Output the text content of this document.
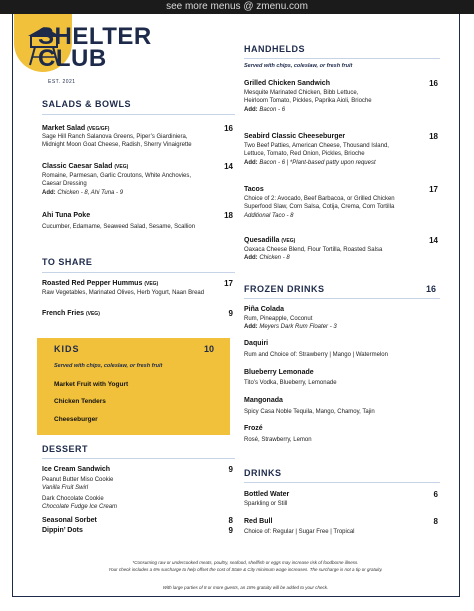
see more menus @ zmenu.com
SHELTER
CLUB
EST. 2021
SALADS & BOWLS
Market Salad (VEG/GF)	16
Sage Hill Ranch Salanova Greens, Piper’s Giardiniera,
Midnight Moon Goat Cheese, Radish, Sherry Vinaigrette
Classic Caesar Salad (VEG)	14
Romaine, Parmesan, Garlic Croutons, White Anchovies,
Caesar Dressing
Add: Chicken - 8, Ahi Tuna - 9
Ahi Tuna Poke	18
Cucumber, Edamame, Seaweed Salad, Sesame, Scallion
TO SHARE
Roasted Red Pepper Hummus (VEG)	17
Raw Vegetables, Marinated Olives, Herb Yogurt, Naan Bread
French Fries (VEG)	9
KIDS	10
Served with chips, coleslaw, or fresh fruit
Market Fruit with Yogurt
Chicken Tenders
Cheeseburger
DESSERT
Ice Cream Sandwich	9
Peanut Butter Miso Cookie
Vanilla Fruit Swirl
Dark Chocolate Cookie
Chocolate Fudge Ice Cream
Seasonal Sorbet	8
Dippin’ Dots	9
HANDHELDS
Served with chips, coleslaw, or fresh fruit
Grilled Chicken Sandwich	16
Mesquite Marinated Chicken, Bibb Lettuce,
Heirloom Tomato, Pickles, Paprika Aioli, Brioche
Add: Bacon - 6
Seabird Classic Cheeseburger	18
Two Beef Patties, American Cheese, Thousand Island,
Lettuce, Tomato, Red Onion, Pickles, Brioche
Add: Bacon - 6 | *Plant-based patty upon request
Tacos	17
Choice of 2: Avocado, Beef Barbacoa, or Grilled Chicken
Superfood Slaw, Corn Salsa, Cotija, Crema, Corn Tortilla
Additional Taco - 8
Quesadilla (VEG)	14
Oaxaca Cheese Blend, Flour Tortilla, Roasted Salsa
Add: Chicken - 8
FROZEN DRINKS	16
Piña Colada
Rum, Pineapple, Coconut
Add: Meyers Dark Rum Floater - 3
Daquiri
Rum and Choice of: Strawberry | Mango | Watermelon
Blueberry Lemonade
Tito’s Vodka, Blueberry, Lemonade
Mangonada
Spicy Casa Noble Tequila, Mango, Chamoy, Tajin
Frozé
Rosé, Strawberry, Lemon
DRINKS
Bottled Water	6
Sparkling or Still
Red Bull	8
Choice of: Regular | Sugar Free | Tropical
*Consuming raw or undercooked meats, poultry, seafood, shellfish or eggs may increase risk of foodborne illness.
Your check includes a 6% surcharge to help offset the cost of State & City minimum wage increases. The surcharge is not a tip or gratuity.
With large parties of 8 or more guests, an 18% gratuity will be added to your check.
